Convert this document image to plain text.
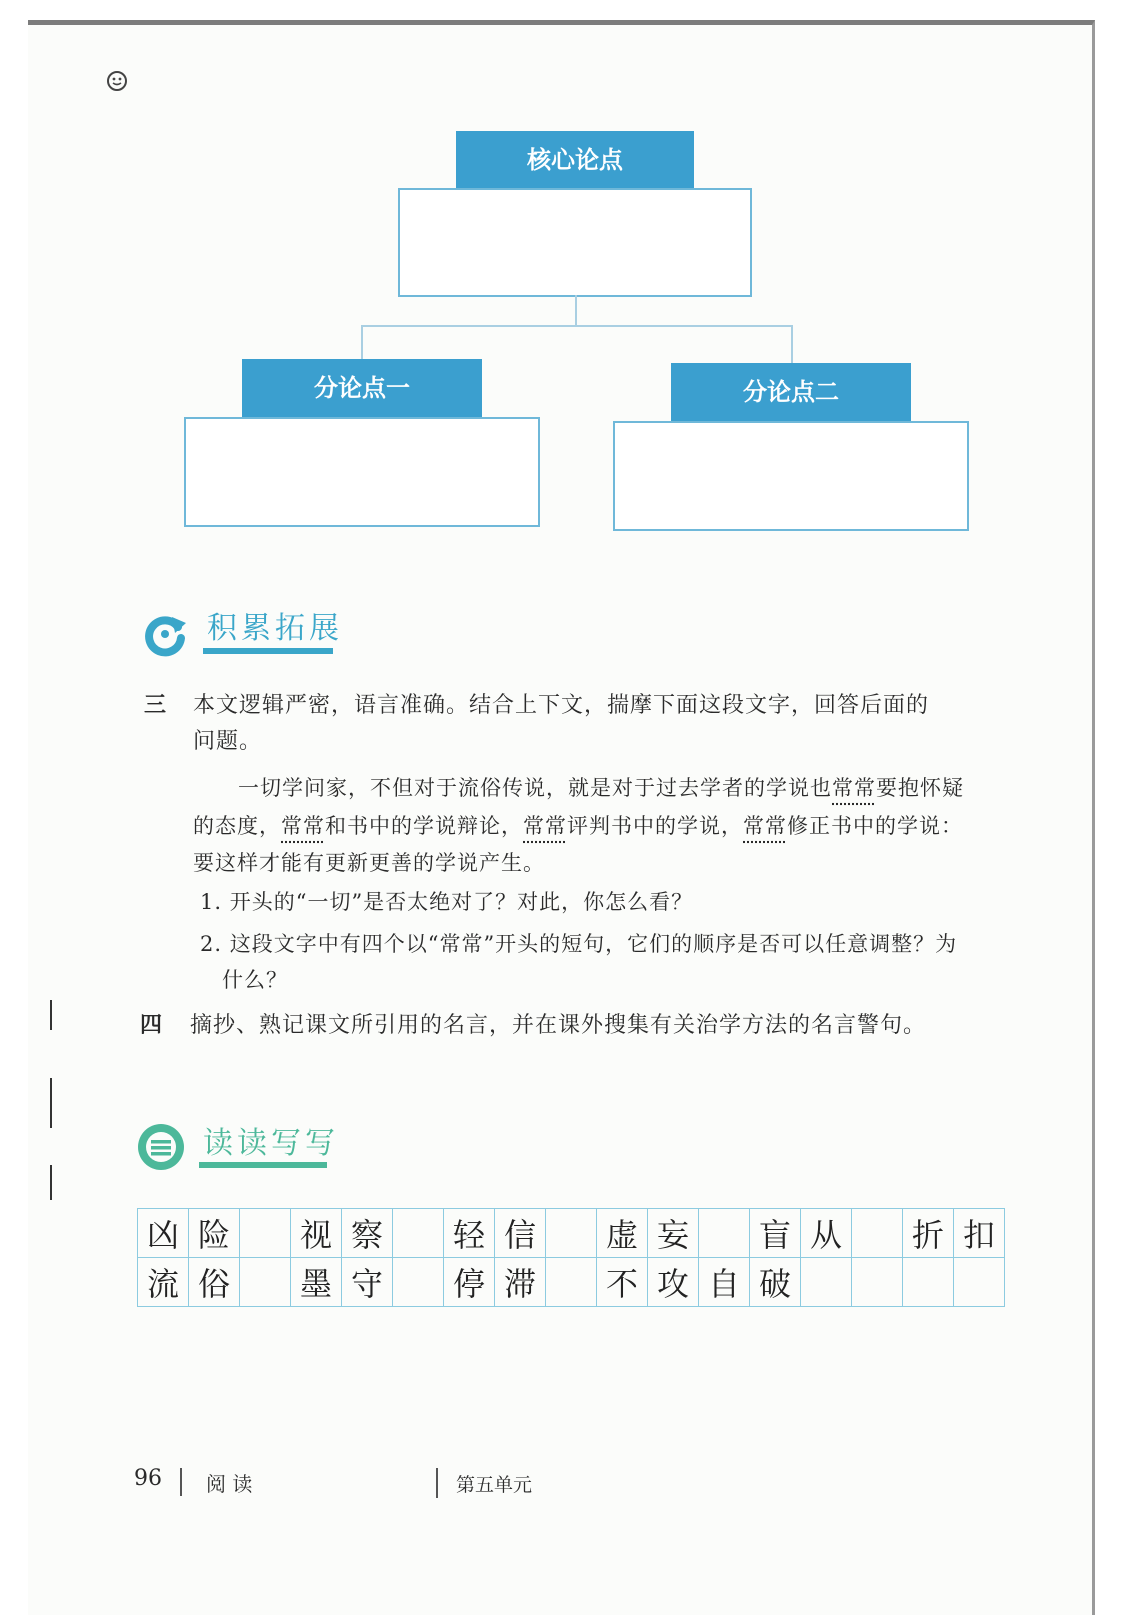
核心论点
分论点一	分论点二
积累拓展
三 本文逻辑严密，语言准确。结合上下文，揣摩下面这段文字，回答后面的
问题。
一切学问家，不但对于流俗传说，就是对于过去学者的学说也常常要抱怀疑
的态度，常常和书中的学说辩论，常常评判书中的学说，常常修正书中的学说：
要这样才能有更新更善的学说产生。
1. 开头的“一切”是否太绝对了？对此，你怎么看？
2. 这段文字中有四个以“常常”开头的短句，它们的顺序是否可以任意调整？为
什么？
四 摘抄、熟记课文所引用的名言，并在课外搜集有关治学方法的名言警句。
读读写写
凶	险		视	察		轻	信		虚	妄		盲	从		折	扣
流	俗		墨	守		停	滞		不	攻	自	破				
96 阅 读	第五单元
